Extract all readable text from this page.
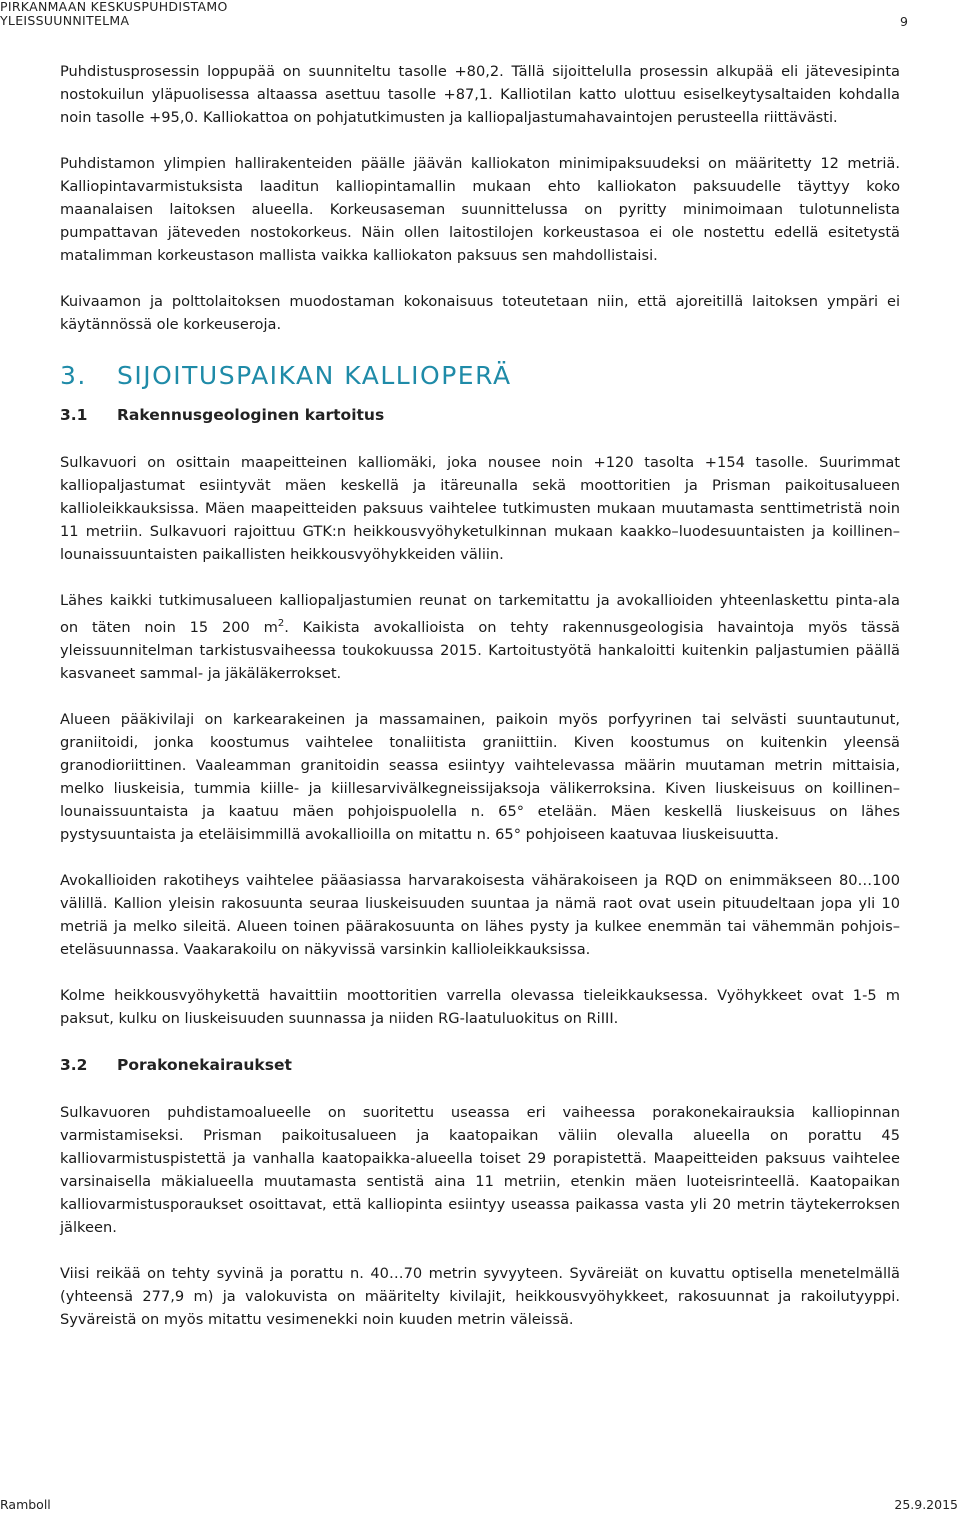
PIRKANMAAN KESKUSPUHDISTAMO
YLEISSUUNNITELMA	9

Puhdistusprosessin loppupää on suunniteltu tasolle +80,2. Tällä sijoittelulla prosessin alkupää eli jätevesipinta nostokuilun yläpuolisessa altaassa asettuu tasolle +87,1. Kalliotilan katto ulottuu esiselkeytysaltaiden kohdalla noin tasolle +95,0. Kalliokattoa on pohjatutkimusten ja kalliopaljastumahavaintojen perusteella riittävästi.

Puhdistamon ylimpien hallirakenteiden päälle jäävän kalliokaton minimipaksuudeksi on määritetty 12 metriä. Kalliopintavarmistuksista laaditun kalliopintamallin mukaan ehto kalliokaton paksuudelle täyttyy koko maanalaisen laitoksen alueella. Korkeusaseman suunnittelussa on pyritty minimoimaan tulotunnelista pumpattavan jäteveden nostokorkeus. Näin ollen laitostilojen korkeustasoa ei ole nostettu edellä esitetystä matalimman korkeustason mallista vaikka kalliokaton paksuus sen mahdollistaisi.

Kuivaamon ja polttolaitoksen muodostaman kokonaisuus toteutetaan niin, että ajoreitillä laitoksen ympäri ei käytännössä ole korkeuseroja.

3. SIJOITUSPAIKAN KALLIOPERÄ
3.1 Rakennusgeologinen kartoitus

Sulkavuori on osittain maapeitteinen kalliomäki, joka nousee noin +120 tasolta +154 tasolle. Suurimmat kalliopaljastumat esiintyvät mäen keskellä ja itäreunalla sekä moottoritien ja Prisman paikoitusalueen kallioleikkauksissa. Mäen maapeitteiden paksuus vaihtelee tutkimusten mukaan muutamasta senttimetristä noin 11 metriin. Sulkavuori rajoittuu GTK:n heikkousvyöhyketulkinnan mukaan kaakko–luodesuuntaisten ja koillinen–lounaissuuntaisten paikallisten heikkousvyöhykkeiden väliin.

Lähes kaikki tutkimusalueen kalliopaljastumien reunat on tarkemitattu ja avokallioiden yhteenlaskettu pinta-ala on täten noin 15 200 $m^2$. Kaikista avokallioista on tehty rakennusgeologisia havaintoja myös tässä yleissuunnitelman tarkistusvaiheessa toukokuussa 2015. Kartoitustyötä hankaloitti kuitenkin paljastumien päällä kasvaneet sammal- ja jäkäläkerrokset.

Alueen pääkivilaji on karkearakeinen ja massamainen, paikoin myös porfyyrinen tai selvästi suuntautunut, graniitoidi, jonka koostumus vaihtelee tonaliitista graniittiin. Kiven koostumus on kuitenkin yleensä granodioriittinen. Vaaleamman granitoidin seassa esiintyy vaihtelevassa määrin muutaman metrin mittaisia, melko liuskeisia, tummia kiille- ja kiillesarvivälkegneissijaksoja välikerroksina. Kiven liuskeisuus on koillinen–lounaissuuntaista ja kaatuu mäen pohjoispuolella n. 65° etelään. Mäen keskellä liuskeisuus on lähes pystysuuntaista ja eteläisimmillä avokallioilla on mitattu n. 65° pohjoiseen kaatuvaa liuskeisuutta.

Avokallioiden rakotiheys vaihtelee pääasiassa harvarakoisesta vähärakoiseen ja RQD on enimmäkseen 80…100 välillä. Kallion yleisin rakosuunta seuraa liuskeisuuden suuntaa ja nämä raot ovat usein pituudeltaan jopa yli 10 metriä ja melko sileitä. Alueen toinen päärakosuunta on lähes pysty ja kulkee enemmän tai vähemmän pohjois–eteläsuunnassa. Vaakarakoilu on näkyvissä varsinkin kallioleikkauksissa.

Kolme heikkousvyöhykettä havaittiin moottoritien varrella olevassa tieleikkauksessa. Vyöhykkeet ovat 1-5 m paksut, kulku on liuskeisuuden suunnassa ja niiden RG-laatuluokitus on RiIII.

3.2 Porakonekairaukset

Sulkavuoren puhdistamoalueelle on suoritettu useassa eri vaiheessa porakonekairauksia kalliopinnan varmistamiseksi. Prisman paikoitusalueen ja kaatopaikan väliin olevalla alueella on porattu 45 kalliovarmistuspistettä ja vanhalla kaatopaikka-alueella toiset 29 porapistettä. Maapeitteiden paksuus vaihtelee varsinaisella mäkialueella muutamasta sentistä aina 11 metriin, etenkin mäen luoteisrinteellä. Kaatopaikan kalliovarmistusporaukset osoittavat, että kalliopinta esiintyy useassa paikassa vasta yli 20 metrin täytekerroksen jälkeen.

Viisi reikää on tehty syvinä ja porattu n. 40…70 metrin syvyyteen. Syväreiät on kuvattu optisella menetelmällä (yhteensä 277,9 m) ja valokuvista on määritelty kivilajit, heikkousvyöhykkeet, rakosuunnat ja rakoilutyyppi. Syväreistä on myös mitattu vesimenekki noin kuuden metrin väleissä.

Ramboll	25.9.2015
